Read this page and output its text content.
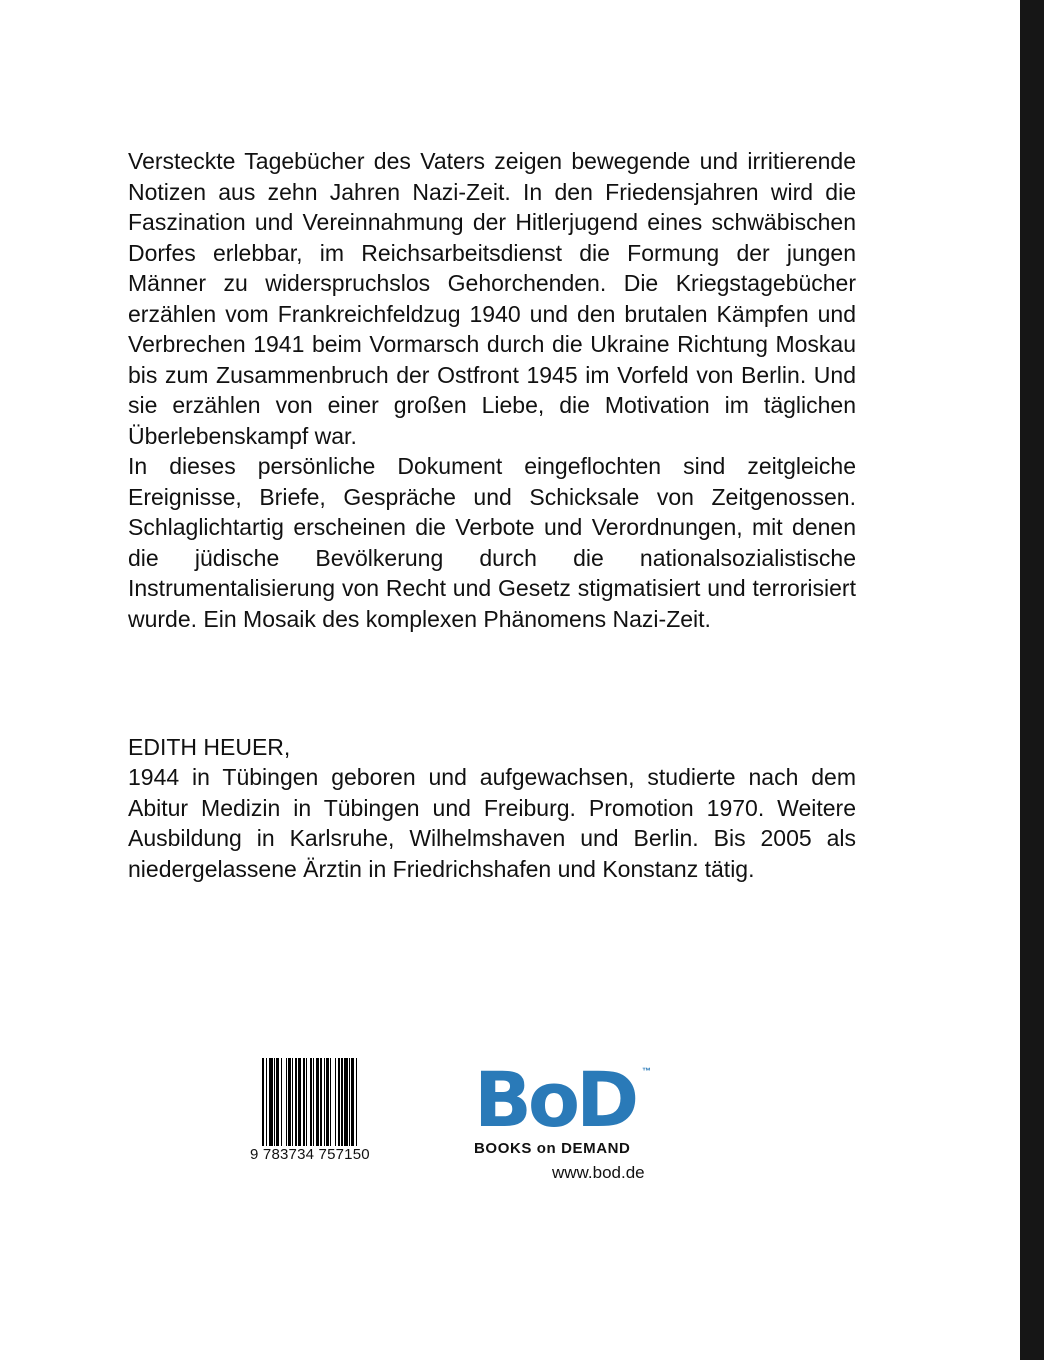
Versteckte Tagebücher des Vaters zeigen bewegende und irritierende Notizen aus zehn Jahren Nazi-Zeit. In den Friedensjahren wird die Faszination und Vereinnahmung der Hitlerjugend eines schwäbischen Dorfes erlebbar, im Reichsarbeitsdienst die Formung der jungen Männer zu widerspruchslos Gehorchenden. Die Kriegstagebücher erzählen vom Frankreichfeldzug 1940 und den brutalen Kämpfen und Verbrechen 1941 beim Vormarsch durch die Ukraine Richtung Moskau bis zum Zusammenbruch der Ostfront 1945 im Vorfeld von Berlin. Und sie erzählen von einer großen Liebe, die Motivation im täglichen Überlebenskampf war.

In dieses persönliche Dokument eingeflochten sind zeitgleiche Ereignisse, Briefe, Gespräche und Schicksale von Zeitgenossen. Schlaglichtartig erscheinen die Verbote und Verordnungen, mit denen die jüdische Bevölkerung durch die nationalsozialistische Instrumentalisierung von Recht und Gesetz stigmatisiert und terrorisiert wurde. Ein Mosaik des komplexen Phänomens Nazi-Zeit.

EDITH HEUER,

1944 in Tübingen geboren und aufgewachsen, studierte nach dem Abitur Medizin in Tübingen und Freiburg. Promotion 1970. Weitere Ausbildung in Karlsruhe, Wilhelmshaven und Berlin. Bis 2005 als niedergelassene Ärztin in Friedrichshafen und Konstanz tätig.

9 783734 757150
BoD ™
BOOKS on DEMAND
www.bod.de
